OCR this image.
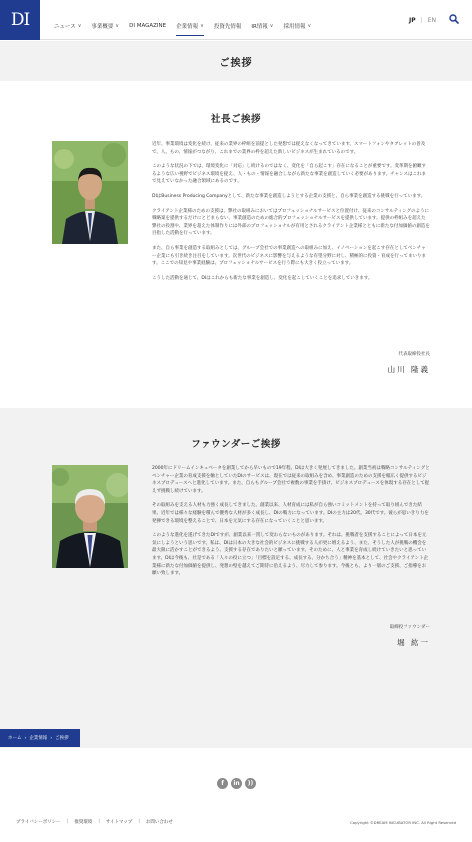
DI	ニュース ∨ 事業概要 ∨ DI MAGAZINE 企業情報 ∨ 投資先情報 IR情報 ∨ 採用情報 ∨
JP | EN
ご挨拶
社長ご挨拶

近年、事業環境は変化を続け、従来の業界の枠組を前提とした発想では捉えなくなってきています。スマートフォンやタブレットの普及で、人、もの、情報がつながり、これまでの業界の枠を超えた新しいビジネスが生まれているのです。

このような状況の下では、環境変化に「対応」し続けるのではなく、変化を「自ら起こす」存在になることが重要です。変革期を俯瞰するような広い視野でビジネス環境を捉え、人・もの・情報を融合しながら新たな事業を創造していく必要があります。チャンスはこれまで見えていなかった融合領域にあるのです。

DIはBusiness Producing Companyとして、新たな事業を創造しようとする企業の支援と、自ら事業を創造する挑戦を行っています。

クライアント企業様のための支援は、弊社の取組みにおいてはプロフェッショナルサービスと位置付け、従来のコンサルティングのように戦略案を提供するだけにとどまらない、事業創造のための総合的プロフェッショナルサービスを提供しています。提供の枠組みを超えた弊社の役割や、業界を超えた体制作りには外部のプロフェッショナルが有用とされるクライアント企業様とともに新たな付加価値の創造を目指した活動を行っています。

また、自ら事業を創造する取組みとしては、グループ会社での事業創造への取組みに加え、イノベーションを起こす存在としてベンチャー企業にも引き続き注目をしています。次世代のビジネスに影響を与えるような有望分野に対し、積極的に投資・育成を行ってまいります。ここでの知見や事業経験は、プロフェッショナルサービスを行う際にも大きく役立っています。

こうした活動を通じて、DIはこれからも新たな事業を創造し、変化を起こしていくことを追求していきます。

代表取締役社長
山川 隆義
ファウンダーご挨拶

2000年にドリームインキュベータを創業してから早いもので19年程、DIは大きく発展してきました。創業当初は戦略コンサルティングとベンチャー企業の育成支援を軸としていたDIのサービスは、現在では従来の取組みを含め、事業創造のための支援を幅広く提供するビジネスプロデュースへと進化しています。また、自らもグループ会社で複数の事業を手掛け、ビジネスプロデュースを体現する存在として捉えず挑戦し続けています。

その取組みを支える人材も力強く成長してきました。創業以来、人材育成には私が自ら強いコミットメントを持って取り組んできた結果、近年では様々な経験を積んで優秀な人材が多く成長し、DIの戦力になっています。DIの主力は20代、30代です。彼らが思いきり力を発揮できる環境を整えることで、日本を元気にする存在になっていくことと思います。

このような進化を遂げてきたDIですが、創業以来一貫して変わらないものがあります。それは、挑戦者を支援することによって日本を元気にしようという思いです。私は、DIは日本の大きな社会的ビジネスに挑戦する人が更に増えるよう、また、そうした人が挑戦の機会を最大限に活かすことができるよう、支援する存在でありたいと願っています。そのために、人と事業を育成し続けていきたいと思っています。DIは今後も、社是である「人々の役に立つ」「目標を設定する、成長する、分かち合う」精神を基本として、社会やクライアント企業様に新たな付加価値を提供し、発想の壁を越えてご期待に沿えるよう、尽力して参ります。今後とも、より一層のご支援、ご指導をお願い致します。

取締役ファウンダー
堀 紘一
ホーム › 企業情報 › ご挨拶
f	in	))
プライバシーポリシー | 推奨環境 | サイトマップ | お問い合わせ	Copyright ©DREAM INCUBATOR INC. All Right Reserved
